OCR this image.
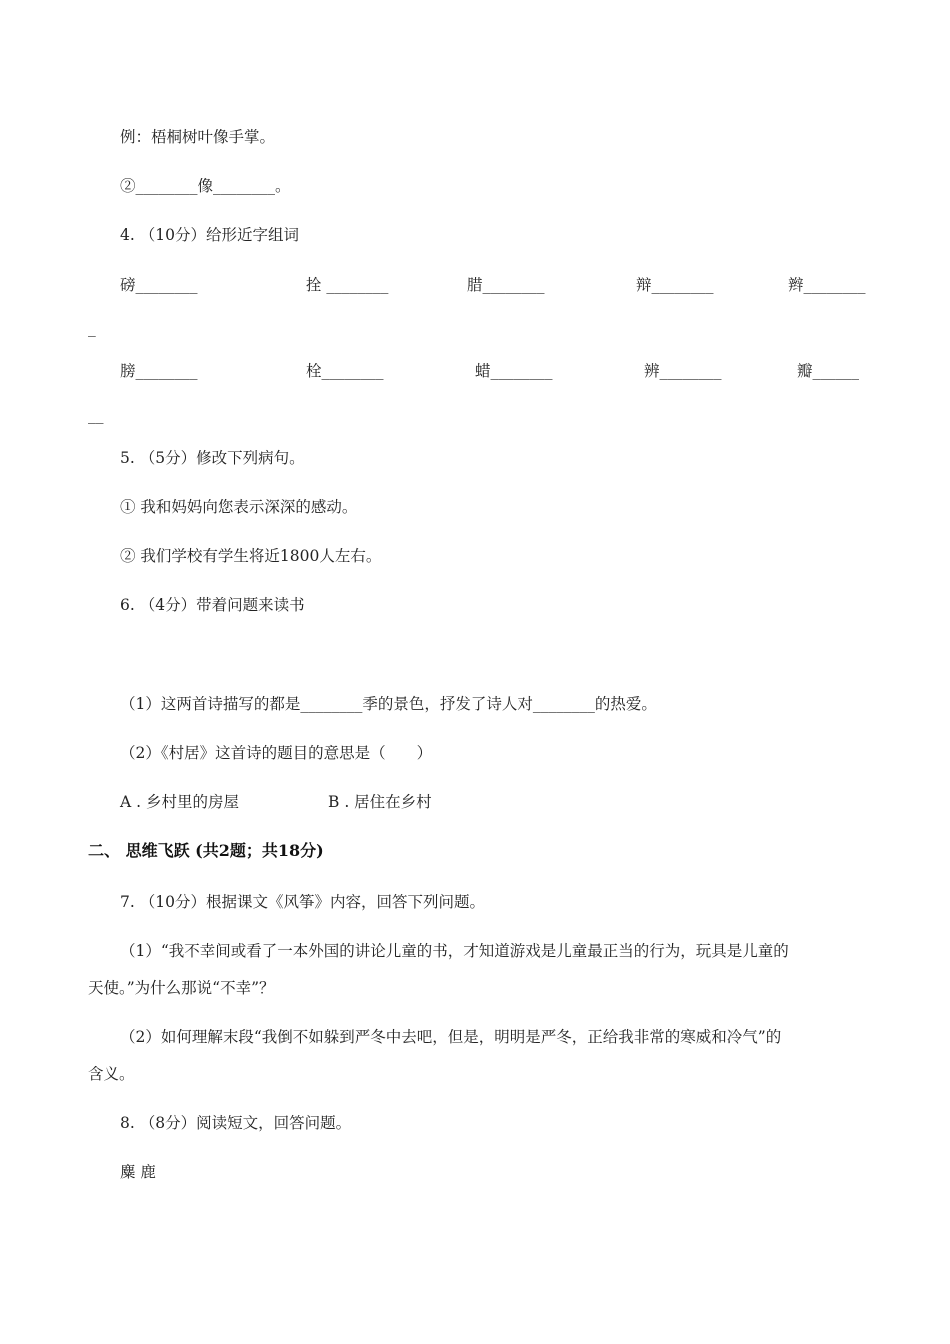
例：梧桐树叶像手掌。
②________像________。
4. （10分）给形近字组词
磅________	拴 ________	腊________	辩________	辫________
_
膀________	栓________	蜡________	辨________	瓣______
__
5. （5分）修改下列病句。
① 我和妈妈向您表示深深的感动。
② 我们学校有学生将近1800人左右。
6. （4分）带着问题来读书
（1）这两首诗描写的都是________季的景色，抒发了诗人对________的热爱。
（2）《村居》这首诗的题目的意思是（　　）
A . 乡村里的房屋	B . 居住在乡村
二、 思维飞跃 (共2题；共18分)
7. （10分）根据课文《风筝》内容，回答下列问题。
（1）“我不幸间或看了一本外国的讲论儿童的书，才知道游戏是儿童最正当的行为，玩具是儿童的
天使。”为什么那说“不幸”？
（2）如何理解末段“我倒不如躲到严冬中去吧，但是，明明是严冬，正给我非常的寒威和冷气”的
含义。
8. （8分）阅读短文，回答问题。
麋 鹿
